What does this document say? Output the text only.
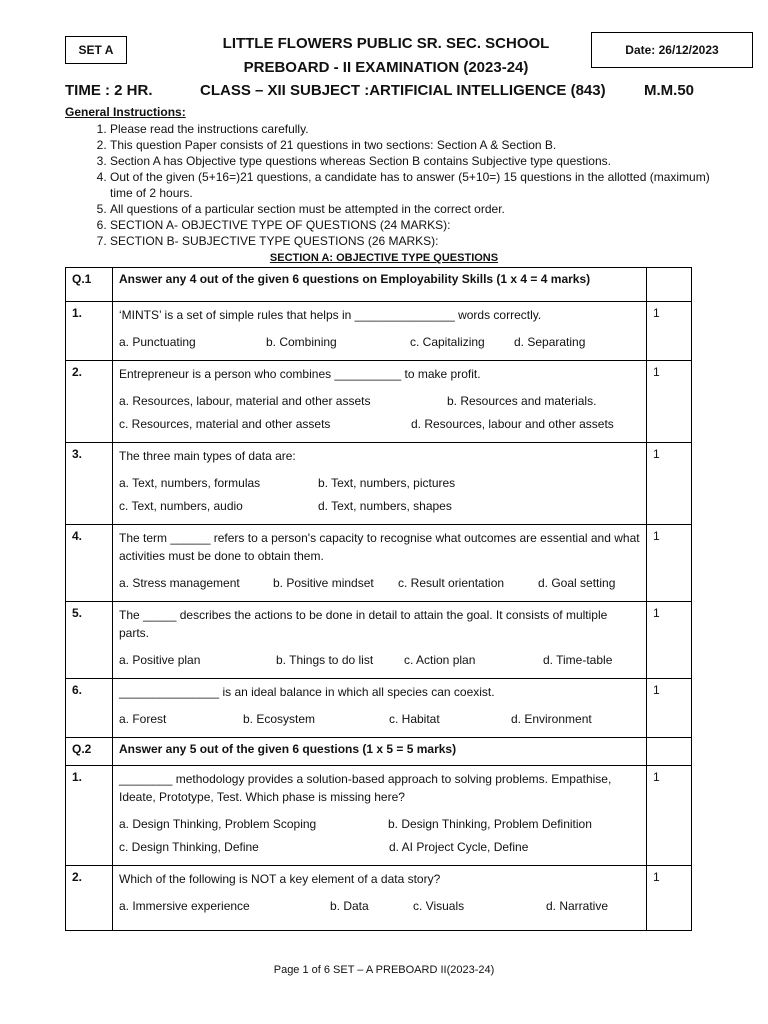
SET A	Date: 26/12/2023
LITTLE FLOWERS PUBLIC SR. SEC. SCHOOL
PREBOARD - II EXAMINATION (2023-24)
TIME : 2 HR.	CLASS – XII SUBJECT :ARTIFICIAL INTELLIGENCE (843)	M.M.50
General Instructions:
1. Please read the instructions carefully.
2. This question Paper consists of 21 questions in two sections: Section A & Section B.
3. Section A has Objective type questions whereas Section B contains Subjective type questions.
4. Out of the given (5+16=)21 questions, a candidate has to answer (5+10=) 15 questions in the allotted (maximum) time of 2 hours.
5. All questions of a particular section must be attempted in the correct order.
6. SECTION A- OBJECTIVE TYPE OF QUESTIONS (24 MARKS):
7. SECTION B- SUBJECTIVE TYPE QUESTIONS (26 MARKS):
SECTION A: OBJECTIVE TYPE QUESTIONS
Q.1	Answer any 4 out of the given 6 questions on Employability Skills (1 x 4 = 4 marks)	
1.	‘MINTS’ is a set of simple rules that helps in _______________ words correctly.
a. Punctuating b. Combining c. Capitalizing d. Separating	1
2.	Entrepreneur is a person who combines __________ to make profit.
a. Resources, labour, material and other assets b. Resources and materials.
c. Resources, material and other assets d. Resources, labour and other assets	1
3.	The three main types of data are:
a. Text, numbers, formulas b. Text, numbers, pictures
c. Text, numbers, audio d. Text, numbers, shapes	1
4.	The term ______ refers to a person's capacity to recognise what outcomes are essential and what activities must be done to obtain them.
a. Stress management b. Positive mindset c. Result orientation d. Goal setting	1
5.	The _____ describes the actions to be done in detail to attain the goal. It consists of multiple parts.
a. Positive plan b. Things to do list c. Action plan d. Time-table	1
6.	_______________ is an ideal balance in which all species can coexist.
a. Forest b. Ecosystem c. Habitat d. Environment	1
Q.2	Answer any 5 out of the given 6 questions (1 x 5 = 5 marks)	
1.	________ methodology provides a solution-based approach to solving problems. Empathise, Ideate, Prototype, Test. Which phase is missing here?
a. Design Thinking, Problem Scoping b. Design Thinking, Problem Definition
c. Design Thinking, Define d. AI Project Cycle, Define	1
2.	Which of the following is NOT a key element of a data story?
a. Immersive experience b. Data c. Visuals d. Narrative	1
Page 1 of 6 SET – A PREBOARD II(2023-24)
